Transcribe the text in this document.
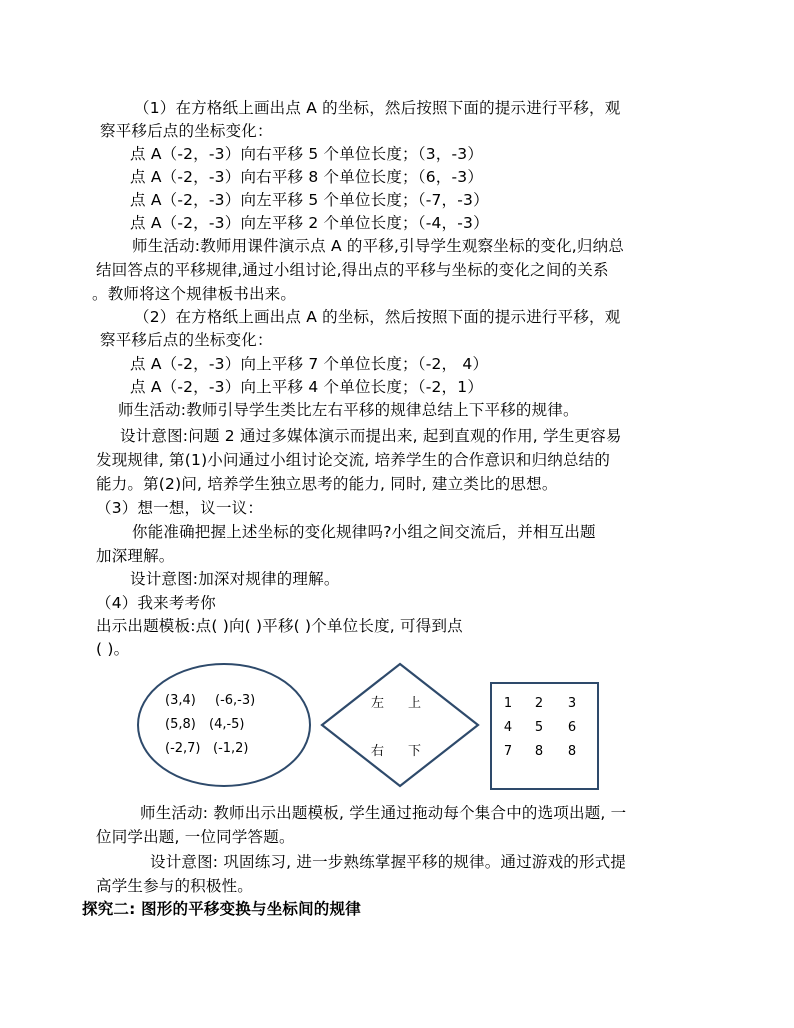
（1）在方格纸上画出点 A 的坐标，然后按照下面的提示进行平移，观
察平移后点的坐标变化：
点 A（-2，-3）向右平移 5 个单位长度；（3，-3）
点 A（-2，-3）向右平移 8 个单位长度；（6，-3）
点 A（-2，-3）向左平移 5 个单位长度；（-7，-3）
点 A（-2，-3）向左平移 2 个单位长度；（-4，-3）
师生活动:教师用课件演示点 A 的平移,引导学生观察坐标的变化,归纳总
结回答点的平移规律,通过小组讨论,得出点的平移与坐标的变化之间的关系
。教师将这个规律板书出来。
（2）在方格纸上画出点 A 的坐标，然后按照下面的提示进行平移，观
察平移后点的坐标变化：
点 A（-2，-3）向上平移 7 个单位长度；（-2， 4）
点 A（-2，-3）向上平移 4 个单位长度；（-2，1）
师生活动:教师引导学生类比左右平移的规律总结上下平移的规律。
设计意图:问题 2 通过多媒体演示而提出来, 起到直观的作用, 学生更容易
发现规律, 第(1)小问通过小组讨论交流, 培养学生的合作意识和归纳总结的
能力。第(2)问, 培养学生独立思考的能力, 同时, 建立类比的思想。
（3）想一想，议一议：
你能准确把握上述坐标的变化规律吗?小组之间交流后，并相互出题
加深理解。
设计意图:加深对规律的理解。
（4）我来考考你
出示出题模板:点( )向( )平移( )个单位长度, 可得到点
( )。
(3,4) (-6,-3)
(5,8) (4,-5)
(-2,7) (-1,2)
左 上
右 下
1 2 3
4 5 6
7 8 8
师生活动: 教师出示出题模板, 学生通过拖动每个集合中的选项出题, 一
位同学出题, 一位同学答题。
设计意图: 巩固练习, 进一步熟练掌握平移的规律。通过游戏的形式提
高学生参与的积极性。
探究二: 图形的平移变换与坐标间的规律
